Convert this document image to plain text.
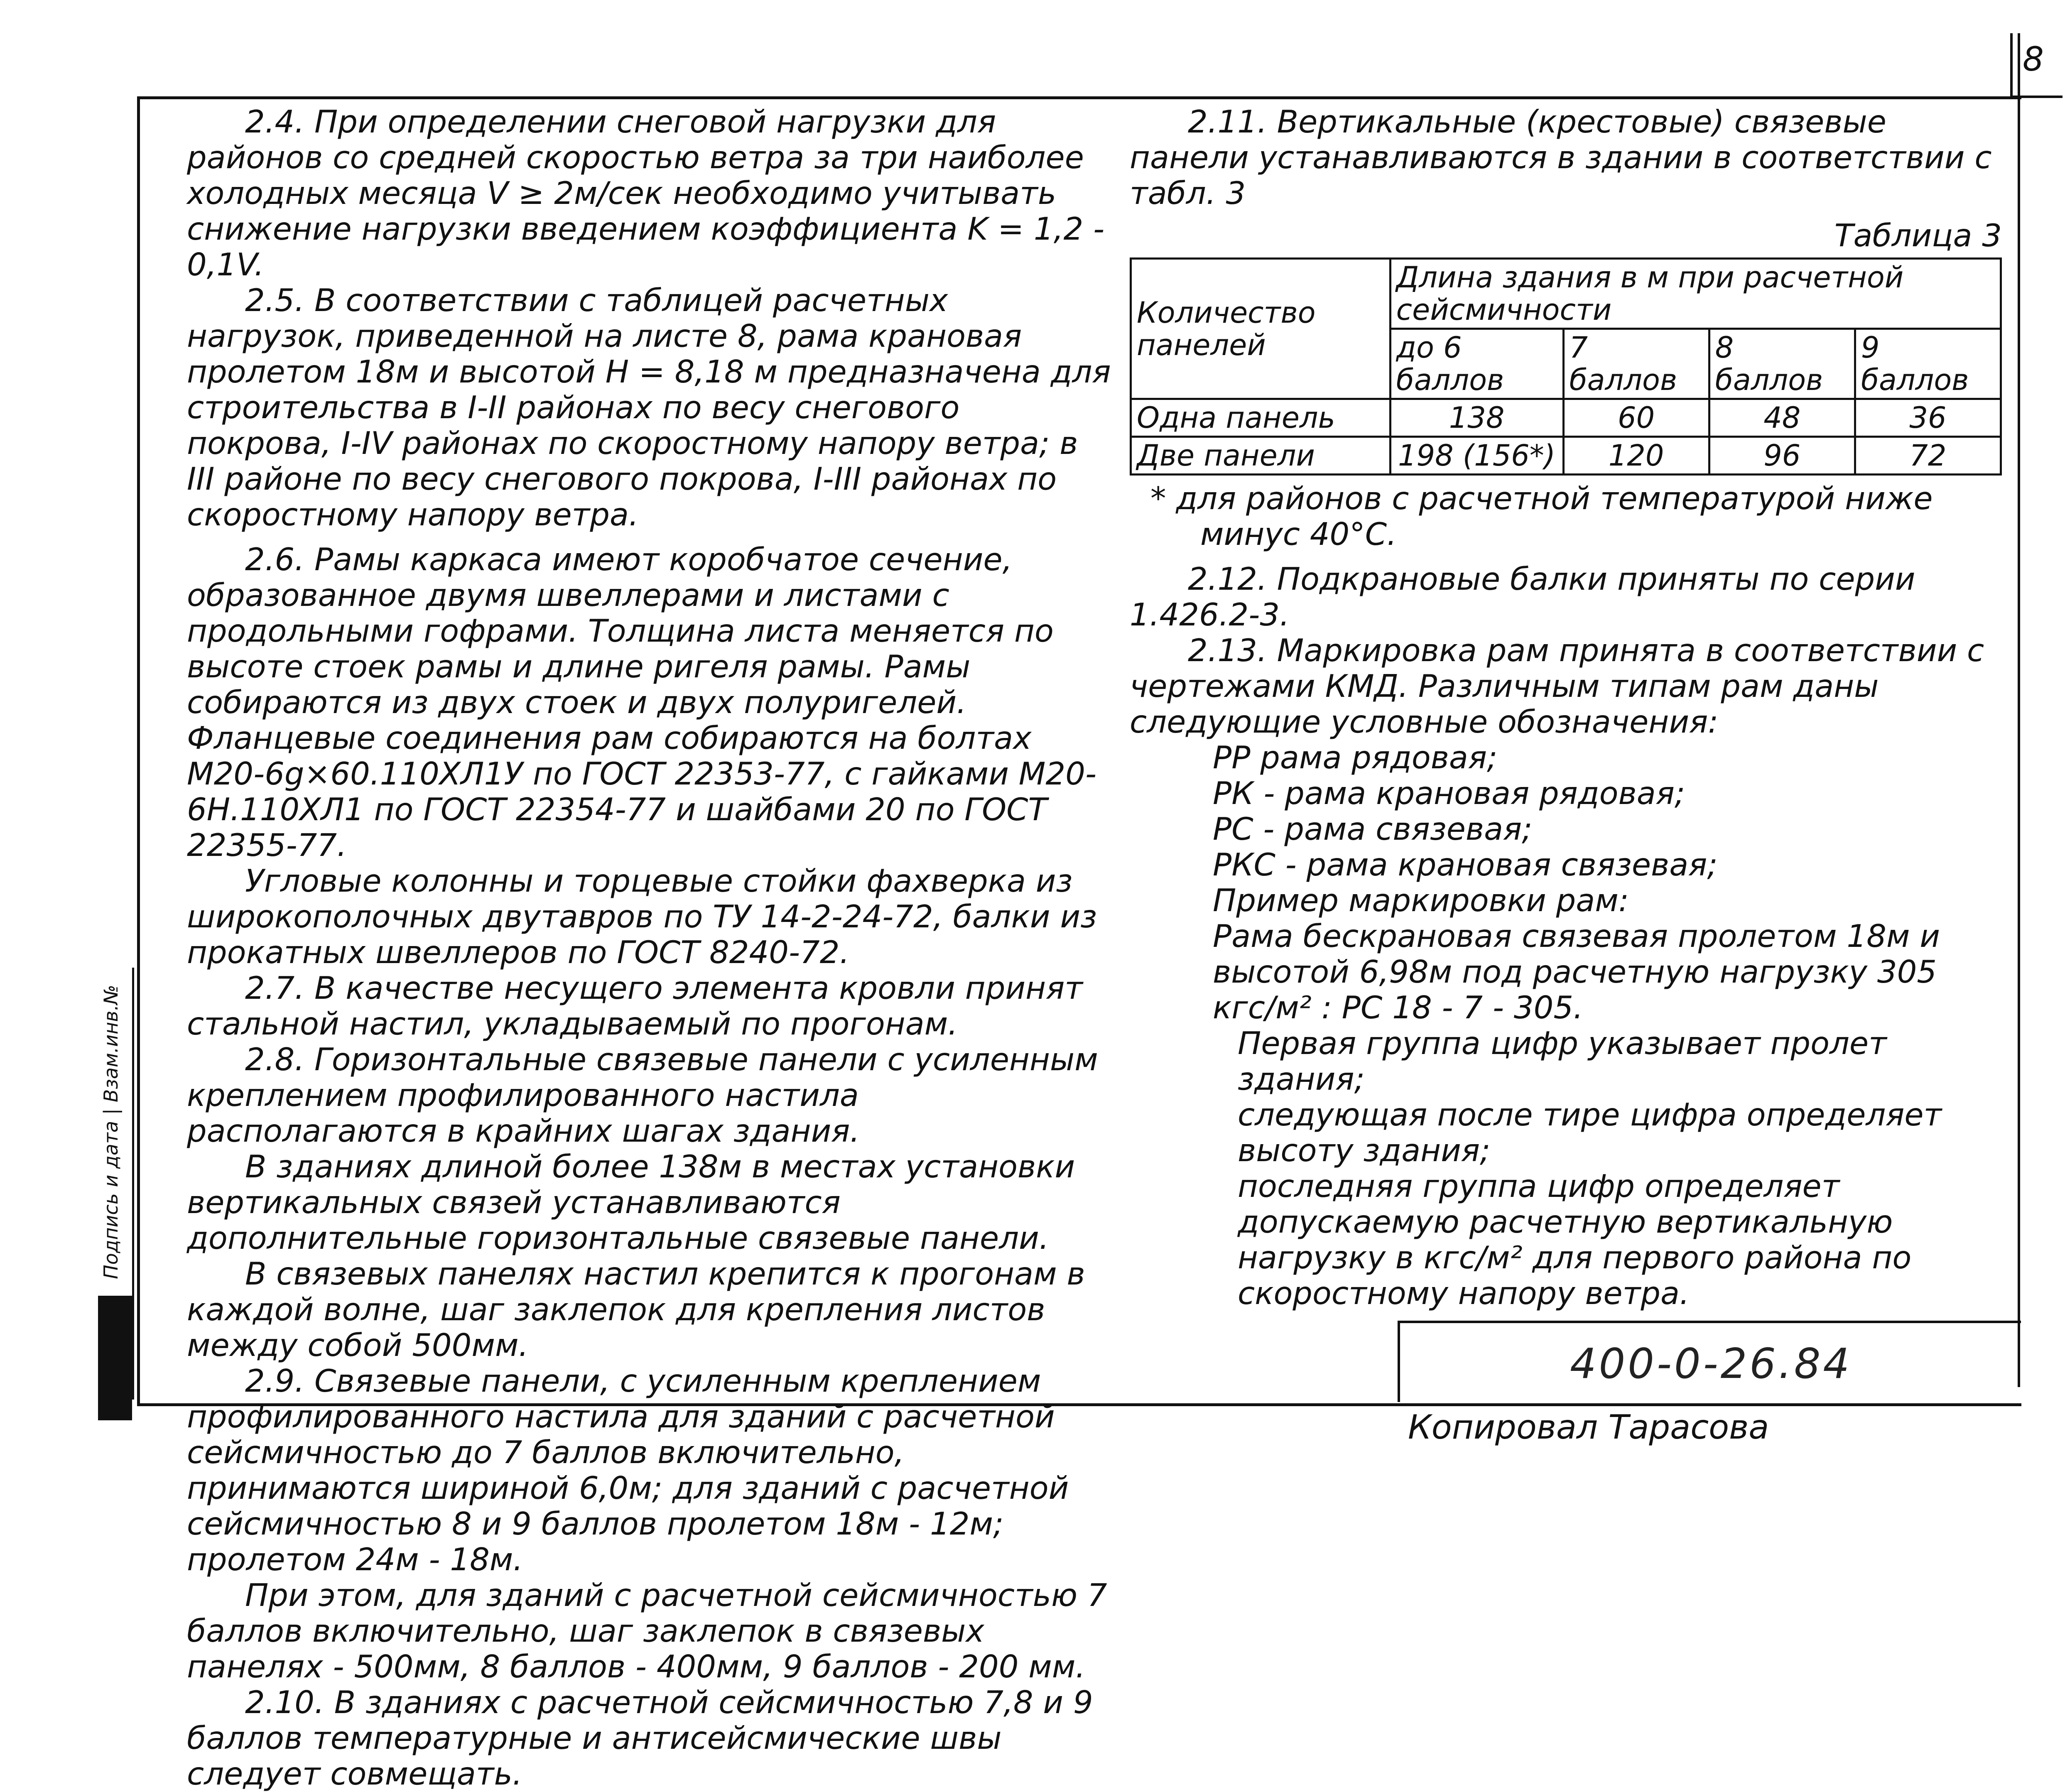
8
Подпись и дата | Взам.инв.№

2.4. При определении снеговой нагрузки для районов со средней скоростью ветра за три наиболее холодных месяца V ≥ 2м/сек необходимо учитывать снижение нагрузки введением коэффициента K = 1,2 - 0,1V.

2.5. В соответствии с таблицей расчетных нагрузок, приведенной на листе 8, рама крановая пролетом 18м и высотой H = 8,18 м предназначена для строительства в I-II районах по весу снегового покрова, I-IV районах по скоростному напору ветра; в III районе по весу снегового покрова, I-III районах по скоростному напору ветра.

2.6. Рамы каркаса имеют коробчатое сечение, образованное двумя швеллерами и листами с продольными гофрами. Толщина листа меняется по высоте стоек рамы и длине ригеля рамы. Рамы собираются из двух стоек и двух полуригелей. Фланцевые соединения рам собираются на болтах М20-6g×60.110ХЛ1У по ГОСТ 22353-77, с гайками М20-6Н.110ХЛ1 по ГОСТ 22354-77 и шайбами 20 по ГОСТ 22355-77.

Угловые колонны и торцевые стойки фахверка из широкополочных двутавров по ТУ 14-2-24-72, балки из прокатных швеллеров по ГОСТ 8240-72.

2.7. В качестве несущего элемента кровли принят стальной настил, укладываемый по прогонам.

2.8. Горизонтальные связевые панели с усиленным креплением профилированного настила располагаются в крайних шагах здания.

В зданиях длиной более 138м в местах установки вертикальных связей устанавливаются дополнительные горизонтальные связевые панели.

В связевых панелях настил крепится к прогонам в каждой волне, шаг заклепок для крепления листов между собой 500мм.

2.9. Связевые панели, с усиленным креплением профилированного настила для зданий с расчетной сейсмичностью до 7 баллов включительно, принимаются шириной 6,0м; для зданий с расчетной сейсмичностью 8 и 9 баллов пролетом 18м - 12м; пролетом 24м - 18м.

При этом, для зданий с расчетной сейсмичностью 7 баллов включительно, шаг заклепок в связевых панелях - 500мм, 8 баллов - 400мм, 9 баллов - 200 мм.

2.10. В зданиях с расчетной сейсмичностью 7,8 и 9 баллов температурные и антисейсмические швы следует совмещать.

2.11. Вертикальные (крестовые) связевые панели устанавливаются в здании в соответствии с табл. 3

Таблица 3

Количество панелей	Длина здания в м при расчетной сейсмичности			
	до 6 баллов	7 баллов	8 баллов	9 баллов
Одна панель	138	60	48	36
Две панели	198 (156*)	120	96	72

* для районов с расчетной температурой ниже минус 40°С.

2.12. Подкрановые балки приняты по серии 1.426.2-3.

2.13. Маркировка рам принята в соответствии с чертежами КМД. Различным типам рам даны следующие условные обозначения:

РР рама рядовая;

РК - рама крановая рядовая;

РС - рама связевая;

РКС - рама крановая связевая;

Пример маркировки рам:

Рама бескрановая связевая пролетом 18м и высотой 6,98м под расчетную нагрузку 305 кгс/м² : РС 18 - 7 - 305.

Первая группа цифр указывает пролет здания;

следующая после тире цифра определяет высоту здания;

последняя группа цифр определяет допускаемую расчетную вертикальную нагрузку в кгс/м² для первого района по скоростному напору ветра.

400-0-26.84
Копировал Тарасова
